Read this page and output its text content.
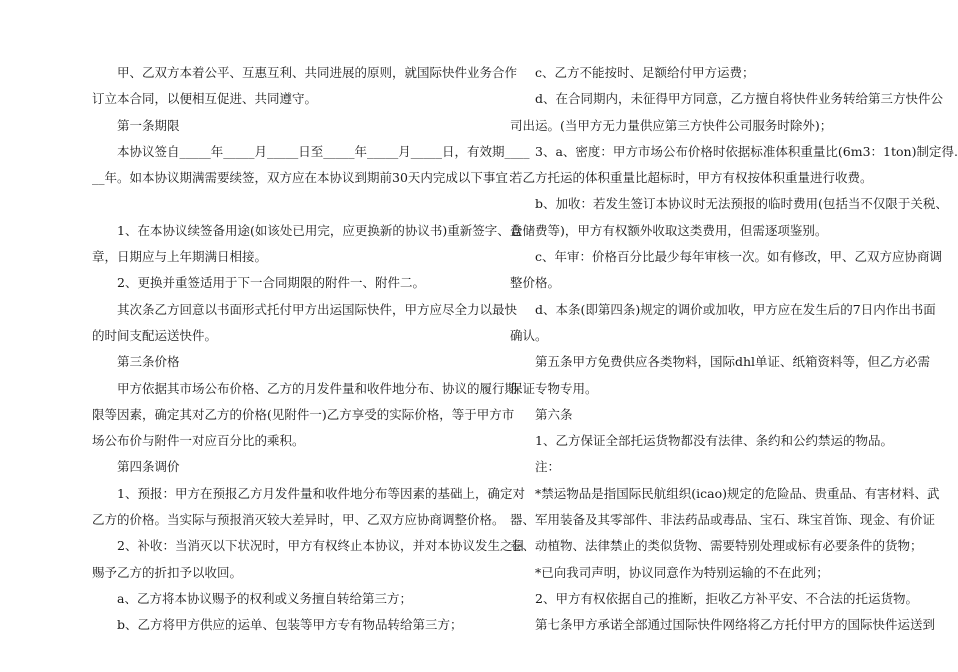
甲、乙双方本着公平、互惠互利、共同进展的原则，就国际快件业务合作
订立本合同，以便相互促进、共同遵守。
第一条期限
本协议签自_____年_____月_____日至_____年_____月_____日，有效期____
__年。如本协议期满需要续签，双方应在本协议到期前30天内完成以下事宜：
1、在本协议续签备用途(如该处已用完，应更换新的协议书)重新签字、盖
章，日期应与上年期满日相接。
2、更换并重签适用于下一合同期限的附件一、附件二。
其次条乙方回意以书面形式托付甲方出运国际快件，甲方应尽全力以最快
的时间支配运送快件。
第三条价格
甲方依据其市场公布价格、乙方的月发件量和收件地分布、协议的履行期
限等因素，确定其对乙方的价格(见附件一)乙方享受的实际价格，等于甲方市
场公布价与附件一对应百分比的乘积。
第四条调价
1、预报：甲方在预报乙方月发件量和收件地分布等因素的基础上，确定对
乙方的价格。当实际与预报消灭较大差异时，甲、乙双方应协商调整价格。
2、补收：当消灭以下状况时，甲方有权终止本协议，并对本协议发生之日
赐予乙方的折扣予以收回。
a、乙方将本协议赐予的权利或义务擅自转给第三方；
b、乙方将甲方供应的运单、包装等甲方专有物品转给第三方；
c、乙方不能按时、足额给付甲方运费；
d、在合同期内，未征得甲方同意，乙方擅自将快件业务转给第三方快件公
司出运。(当甲方无力量供应第三方快件公司服务时除外)；
3、a、密度：甲方市场公布价格时依据标准体积重量比(6m3：1ton)制定得.
若乙方托运的体积重量比超标时，甲方有权按体积重量进行收费。
b、加收：若发生签订本协议时无法预报的临时费用(包括当不仅限于关税、
仓储费等)，甲方有权额外收取这类费用，但需逐项鉴别。
c、年审：价格百分比最少每年审核一次。如有修改，甲、乙双方应协商调
整价格。
d、本条(即第四条)规定的调价或加收，甲方应在发生后的7日内作出书面
确认。
第五条甲方免费供应各类物料，国际dhl单证、纸箱资料等，但乙方必需
保证专物专用。
第六条
1、乙方保证全部托运货物都没有法律、条约和公约禁运的物品。
注：
*禁运物品是指国际民航组织(icao)规定的危险品、贵重品、有害材料、武
器、军用装备及其零部件、非法药品或毒品、宝石、珠宝首饰、现金、有价证
卷、动植物、法律禁止的类似货物、需要特别处理或标有必要条件的货物；
*已向我司声明，协议同意作为特别运输的不在此列；
2、甲方有权依据自己的推断，拒收乙方补平安、不合法的托运货物。
第七条甲方承诺全部通过国际快件网络将乙方托付甲方的国际快件运送到
